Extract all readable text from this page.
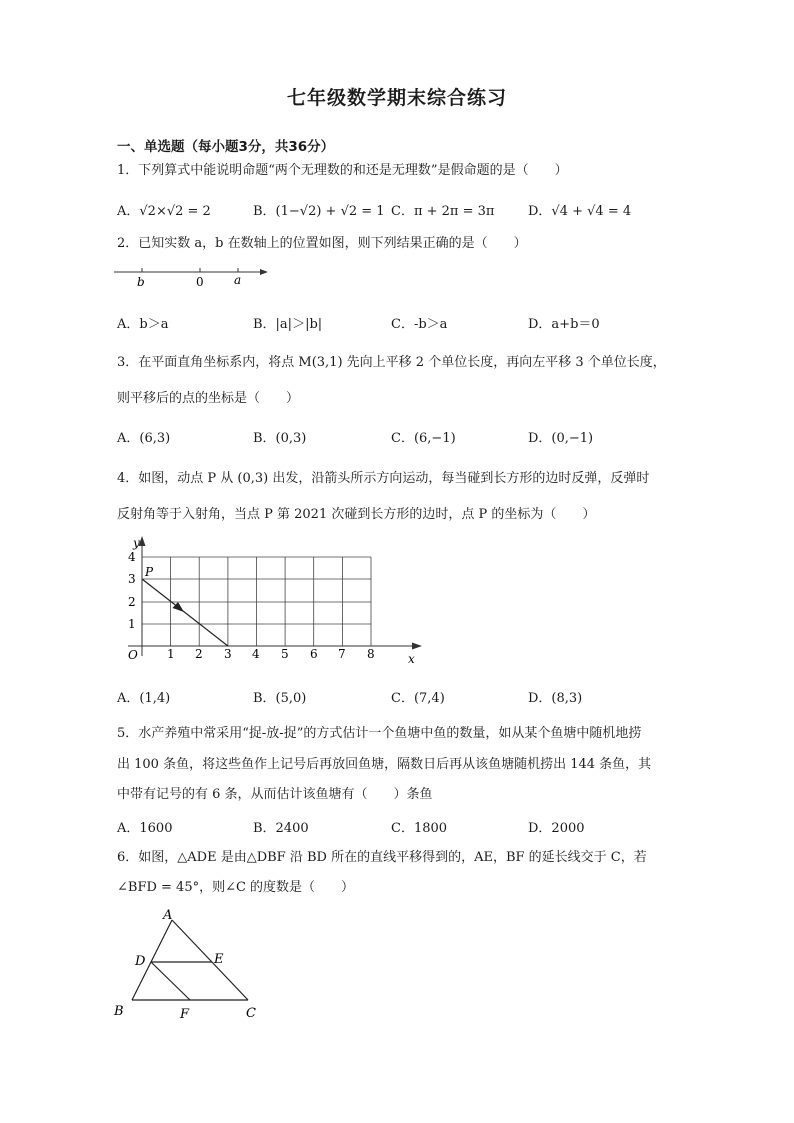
七年级数学期末综合练习
一、单选题（每小题3分，共36分）
1．下列算式中能说明命题“两个无理数的和还是无理数”是假命题的是（　　）
A．√2×√2 = 2	B．(1−√2) + √2 = 1 C．π + 2π = 3π	D．√4 + √4 = 4
2．已知实数 a，b 在数轴上的位置如图，则下列结果正确的是（　　）
b	0	a
A．b＞a	B．|a|＞|b|	C．-b＞a	D．a+b＝0
3．在平面直角坐标系内，将点 M(3,1) 先向上平移 2 个单位长度，再向左平移 3 个单位长度，
则平移后的点的坐标是（　　）
A．(6,3)	B．(0,3)	C．(6,−1)	D．(0,−1)
4．如图，动点 P 从 (0,3) 出发，沿箭头所示方向运动，每当碰到长方形的边时反弹，反弹时
反射角等于入射角，当点 P 第 2021 次碰到长方形的边时，点 P 的坐标为（　　）
y
x
O
P
1
2
3
4
1 2 3 4 5 6 7 8
A．(1,4)	B．(5,0)	C．(7,4)	D．(8,3)
5．水产养殖中常采用“捉-放-捉”的方式估计一个鱼塘中鱼的数量，如从某个鱼塘中随机地捞
出 100 条鱼，将这些鱼作上记号后再放回鱼塘，隔数日后再从该鱼塘随机捞出 144 条鱼，其
中带有记号的有 6 条，从而估计该鱼塘有（　　）条鱼
A．1600	B．2400	C．1800	D．2000
6．如图，△ADE 是由△DBF 沿 BD 所在的直线平移得到的，AE，BF 的延长线交于 C，若
∠BFD = 45°，则∠C 的度数是（　　）
A
D	E
B	F	C
